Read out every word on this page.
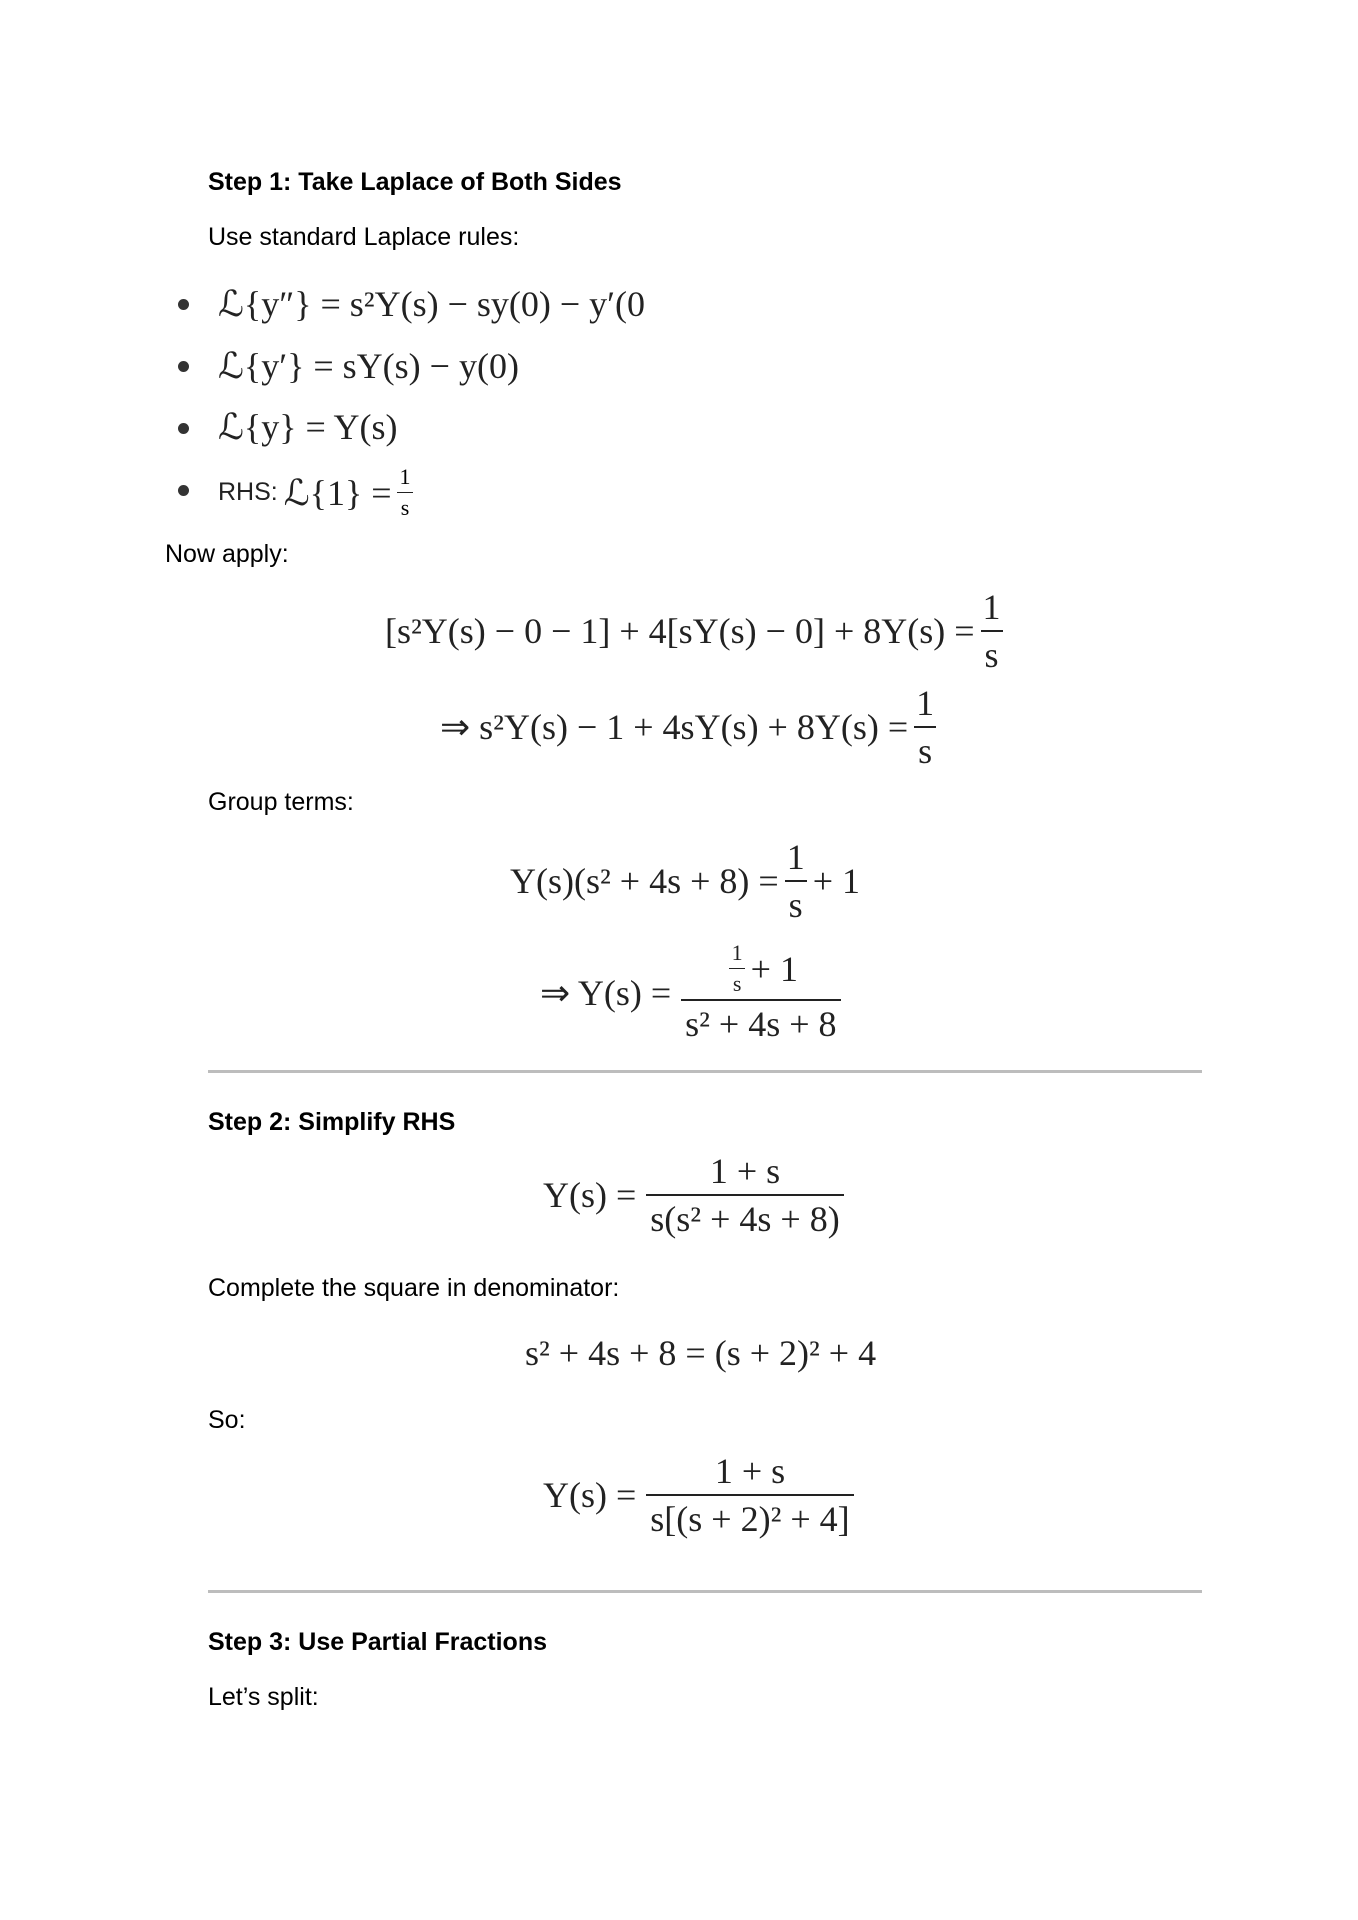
Step 1: Take Laplace of Both Sides
Use standard Laplace rules:
ℒ{y″} = s²Y(s) − sy(0) − y′(0
ℒ{y′} = sY(s) − y(0)
ℒ{y} = Y(s)
RHS: ℒ{1} = $\frac{1}{s}$
Now apply:
$[s^2Y(s) - 0 - 1] + 4[sY(s) - 0] + 8Y(s) = \frac{1}{s}$
⇒ $s^2Y(s) - 1 + 4sY(s) + 8Y(s) = \frac{1}{s}$
Group terms:
$Y(s)(s^2 + 4s + 8) = \frac{1}{s} + 1$
⇒ $Y(s) = \frac{\frac{1}{s} + 1}{\text{s² + 4s + 8}}$
Step 2: Simplify RHS
$Y(s) = \frac{1 + s}{\text{s(s² + 4s + 8)}}$
Complete the square in denominator:
s² + 4s + 8 = (s + 2)² + 4
So:
$Y(s) = \frac{1 + s}{\text{s[(s + 2)² + 4]}}$
Step 3: Use Partial Fractions
Let’s split:
